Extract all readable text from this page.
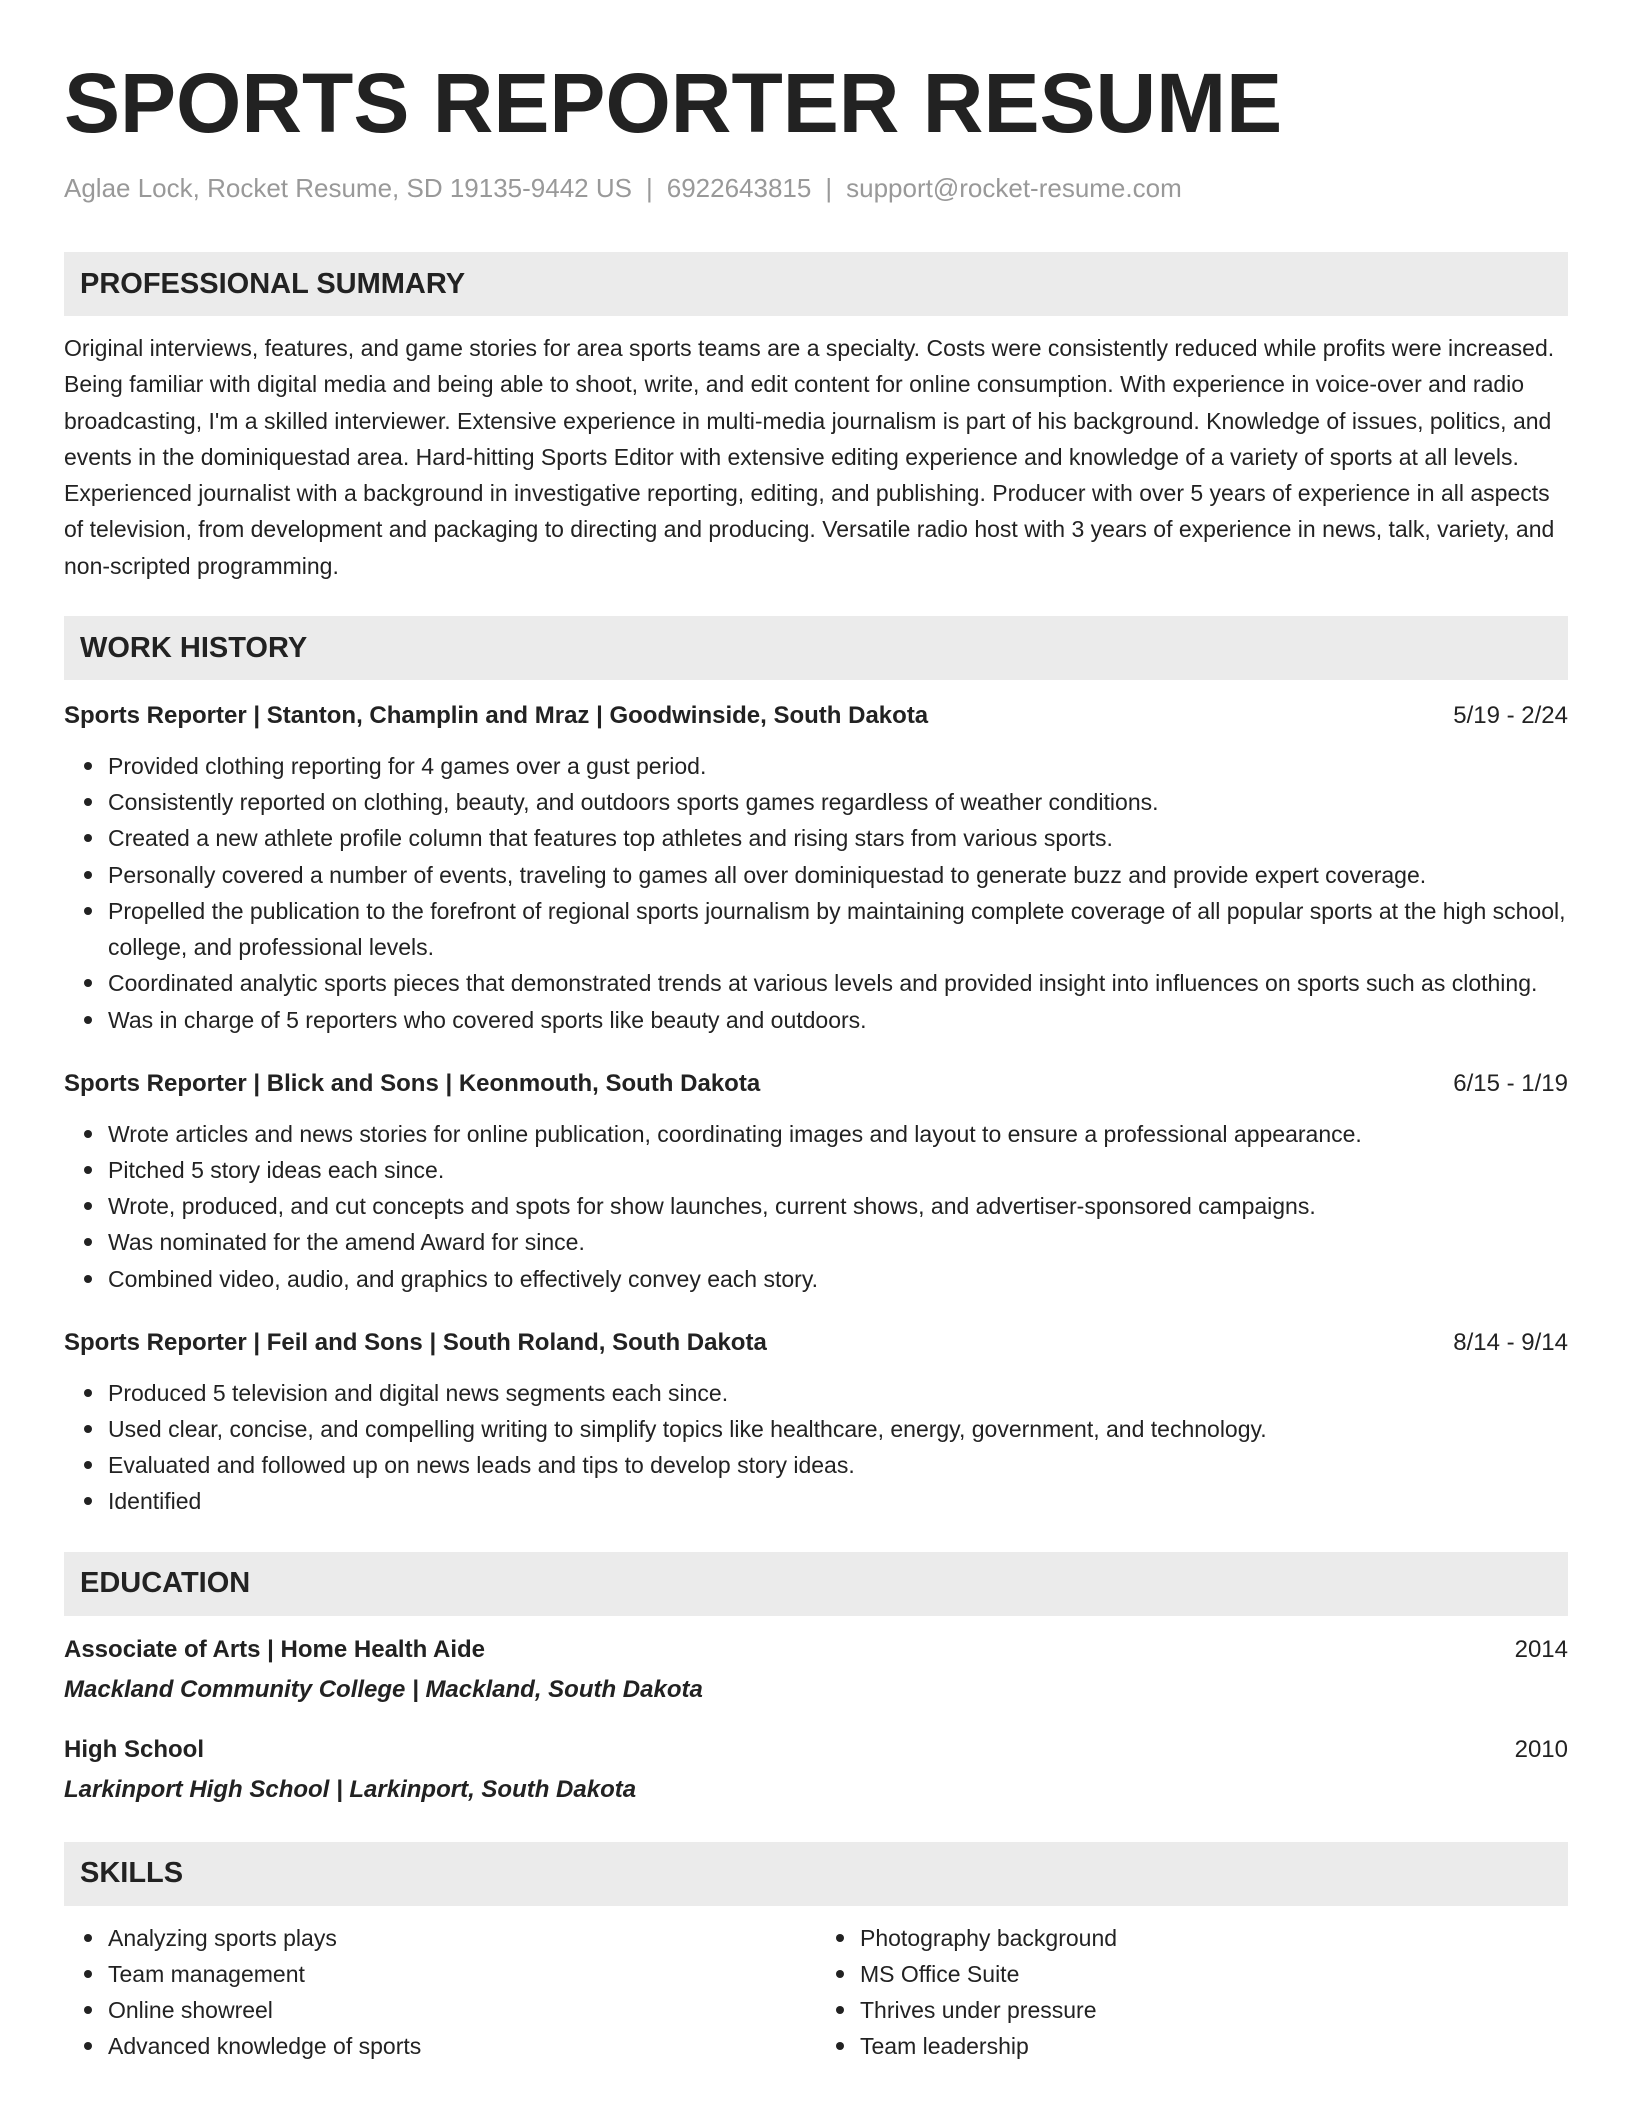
SPORTS REPORTER RESUME
Aglae Lock, Rocket Resume, SD 19135-9442 US | 6922643815 | support@rocket-resume.com
PROFESSIONAL SUMMARY

Original interviews, features, and game stories for area sports teams are a specialty. Costs were consistently reduced while profits were increased. Being familiar with digital media and being able to shoot, write, and edit content for online consumption. With experience in voice-over and radio broadcasting, I'm a skilled interviewer. Extensive experience in multi-media journalism is part of his background. Knowledge of issues, politics, and events in the dominiquestad area. Hard-hitting Sports Editor with extensive editing experience and knowledge of a variety of sports at all levels. Experienced journalist with a background in investigative reporting, editing, and publishing. Producer with over 5 years of experience in all aspects of television, from development and packaging to directing and producing. Versatile radio host with 3 years of experience in news, talk, variety, and non-scripted programming.

WORK HISTORY
Sports Reporter | Stanton, Champlin and Mraz | Goodwinside, South Dakota	5/19 - 2/24
Provided clothing reporting for 4 games over a gust period.
Consistently reported on clothing, beauty, and outdoors sports games regardless of weather conditions.
Created a new athlete profile column that features top athletes and rising stars from various sports.
Personally covered a number of events, traveling to games all over dominiquestad to generate buzz and provide expert coverage.
Propelled the publication to the forefront of regional sports journalism by maintaining complete coverage of all popular sports at the high school, college, and professional levels.
Coordinated analytic sports pieces that demonstrated trends at various levels and provided insight into influences on sports such as clothing.
Was in charge of 5 reporters who covered sports like beauty and outdoors.
Sports Reporter | Blick and Sons | Keonmouth, South Dakota	6/15 - 1/19
Wrote articles and news stories for online publication, coordinating images and layout to ensure a professional appearance.
Pitched 5 story ideas each since.
Wrote, produced, and cut concepts and spots for show launches, current shows, and advertiser-sponsored campaigns.
Was nominated for the amend Award for since.
Combined video, audio, and graphics to effectively convey each story.
Sports Reporter | Feil and Sons | South Roland, South Dakota	8/14 - 9/14
Produced 5 television and digital news segments each since.
Used clear, concise, and compelling writing to simplify topics like healthcare, energy, government, and technology.
Evaluated and followed up on news leads and tips to develop story ideas.
Identified
EDUCATION
Associate of Arts | Home Health Aide	2014
Mackland Community College | Mackland, South Dakota
High School	2010
Larkinport High School | Larkinport, South Dakota
SKILLS
Analyzing sports plays
Team management
Online showreel
Advanced knowledge of sports
Photography background
MS Office Suite
Thrives under pressure
Team leadership
